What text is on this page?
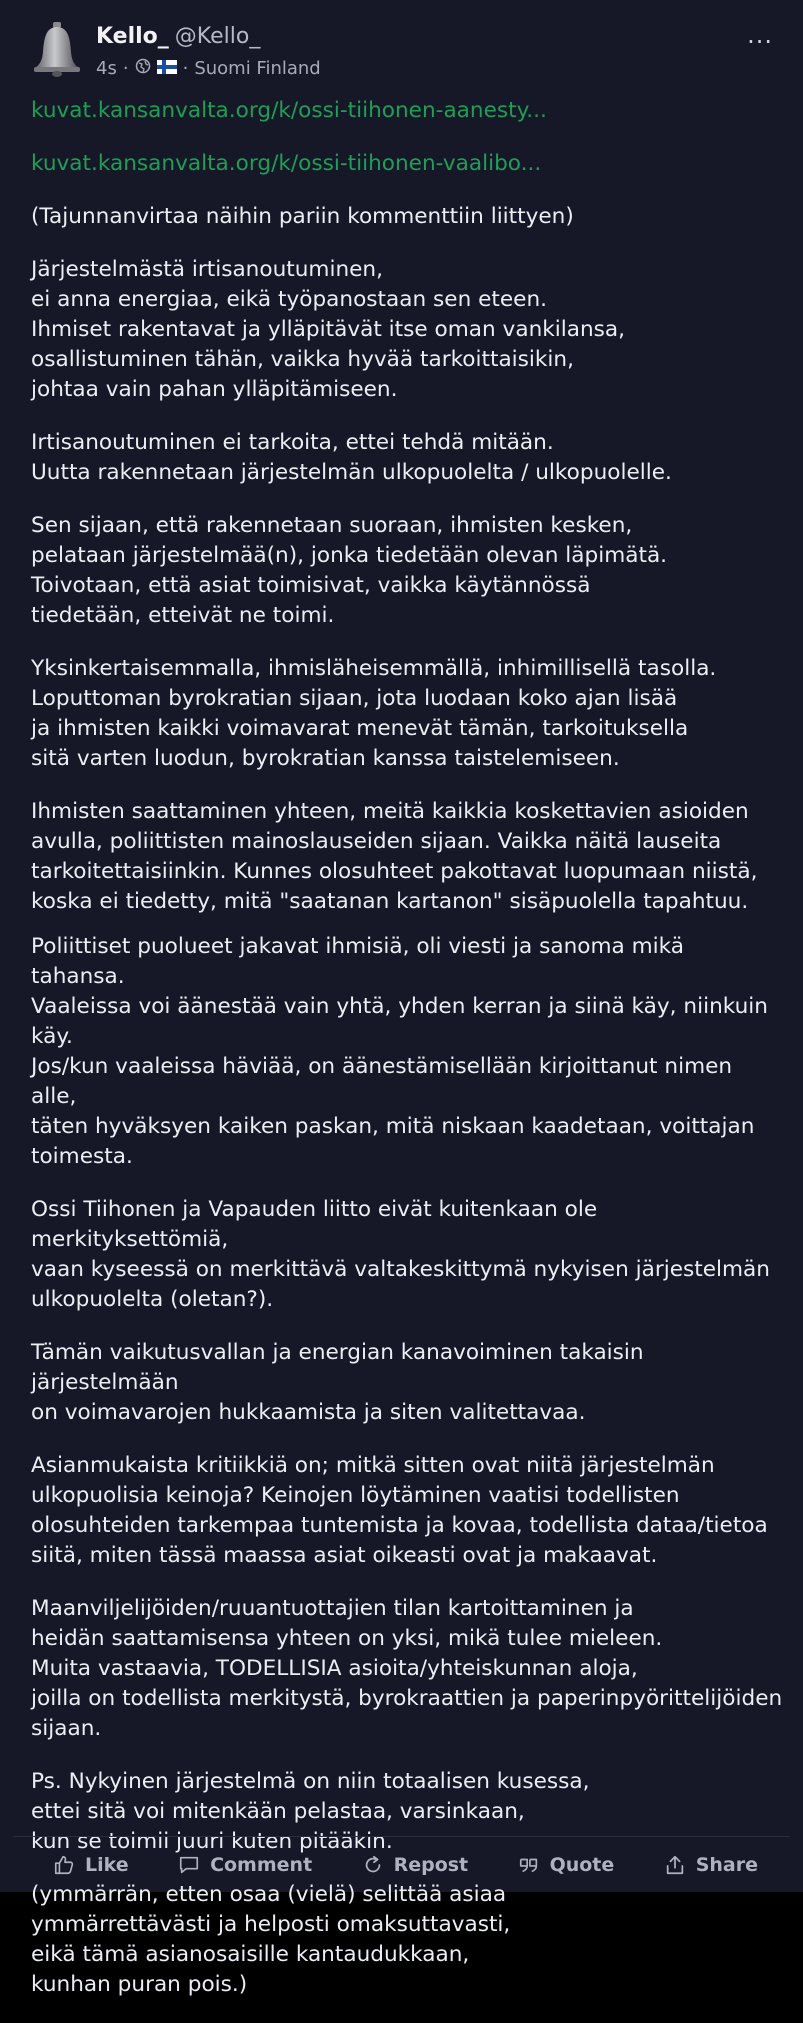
Kello_ @Kello_
4s ·	· Suomi Finland
···
kuvat.kansanvalta.org/k/ossi-tiihonen-aanesty...
kuvat.kansanvalta.org/k/ossi-tiihonen-vaalibo...

(Tajunnanvirtaa näihin pariin kommenttiin liittyen)

Järjestelmästä irtisanoutuminen,
ei anna energiaa, eikä työpanostaan sen eteen.
Ihmiset rakentavat ja ylläpitävät itse oman vankilansa,
osallistuminen tähän, vaikka hyvää tarkoittaisikin,
johtaa vain pahan ylläpitämiseen.

Irtisanoutuminen ei tarkoita, ettei tehdä mitään.
Uutta rakennetaan järjestelmän ulkopuolelta / ulkopuolelle.

Sen sijaan, että rakennetaan suoraan, ihmisten kesken,
pelataan järjestelmää(n), jonka tiedetään olevan läpimätä.
Toivotaan, että asiat toimisivat, vaikka käytännössä
tiedetään, etteivät ne toimi.

Yksinkertaisemmalla, ihmisläheisemmällä, inhimillisellä tasolla.
Loputtoman byrokratian sijaan, jota luodaan koko ajan lisää
ja ihmisten kaikki voimavarat menevät tämän, tarkoituksella
sitä varten luodun, byrokratian kanssa taistelemiseen.

Ihmisten saattaminen yhteen, meitä kaikkia koskettavien asioiden
avulla, poliittisten mainoslauseiden sijaan. Vaikka näitä lauseita
tarkoitettaisiinkin. Kunnes olosuhteet pakottavat luopumaan niistä,
koska ei tiedetty, mitä "saatanan kartanon" sisäpuolella tapahtuu.

Poliittiset puolueet jakavat ihmisiä, oli viesti ja sanoma mikä tahansa.
Vaaleissa voi äänestää vain yhtä, yhden kerran ja siinä käy, niinkuin käy.
Jos/kun vaaleissa häviää, on äänestämisellään kirjoittanut nimen alle,
täten hyväksyen kaiken paskan, mitä niskaan kaadetaan, voittajan
toimesta.

Ossi Tiihonen ja Vapauden liitto eivät kuitenkaan ole merkityksettömiä,
vaan kyseessä on merkittävä valtakeskittymä nykyisen järjestelmän
ulkopuolelta (oletan?).

Tämän vaikutusvallan ja energian kanavoiminen takaisin järjestelmään
on voimavarojen hukkaamista ja siten valitettavaa.

Asianmukaista kritiikkiä on; mitkä sitten ovat niitä järjestelmän
ulkopuolisia keinoja? Keinojen löytäminen vaatisi todellisten
olosuhteiden tarkempaa tuntemista ja kovaa, todellista dataa/tietoa
siitä, miten tässä maassa asiat oikeasti ovat ja makaavat.

Maanviljelijöiden/ruuantuottajien tilan kartoittaminen ja
heidän saattamisensa yhteen on yksi, mikä tulee mieleen.
Muita vastaavia, TODELLISIA asioita/yhteiskunnan aloja,
joilla on todellista merkitystä, byrokraattien ja paperinpyörittelijöiden
sijaan.

Ps. Nykyinen järjestelmä on niin totaalisen kusessa,
ettei sitä voi mitenkään pelastaa, varsinkaan,
kun se toimii juuri kuten pitääkin.

(ymmärrän, etten osaa (vielä) selittää asiaa
ymmärrettävästi ja helposti omaksuttavasti,
eikä tämä asianosaisille kantaudukkaan,
kunhan puran pois.)

Like	Comment	Repost	Quote	Share
